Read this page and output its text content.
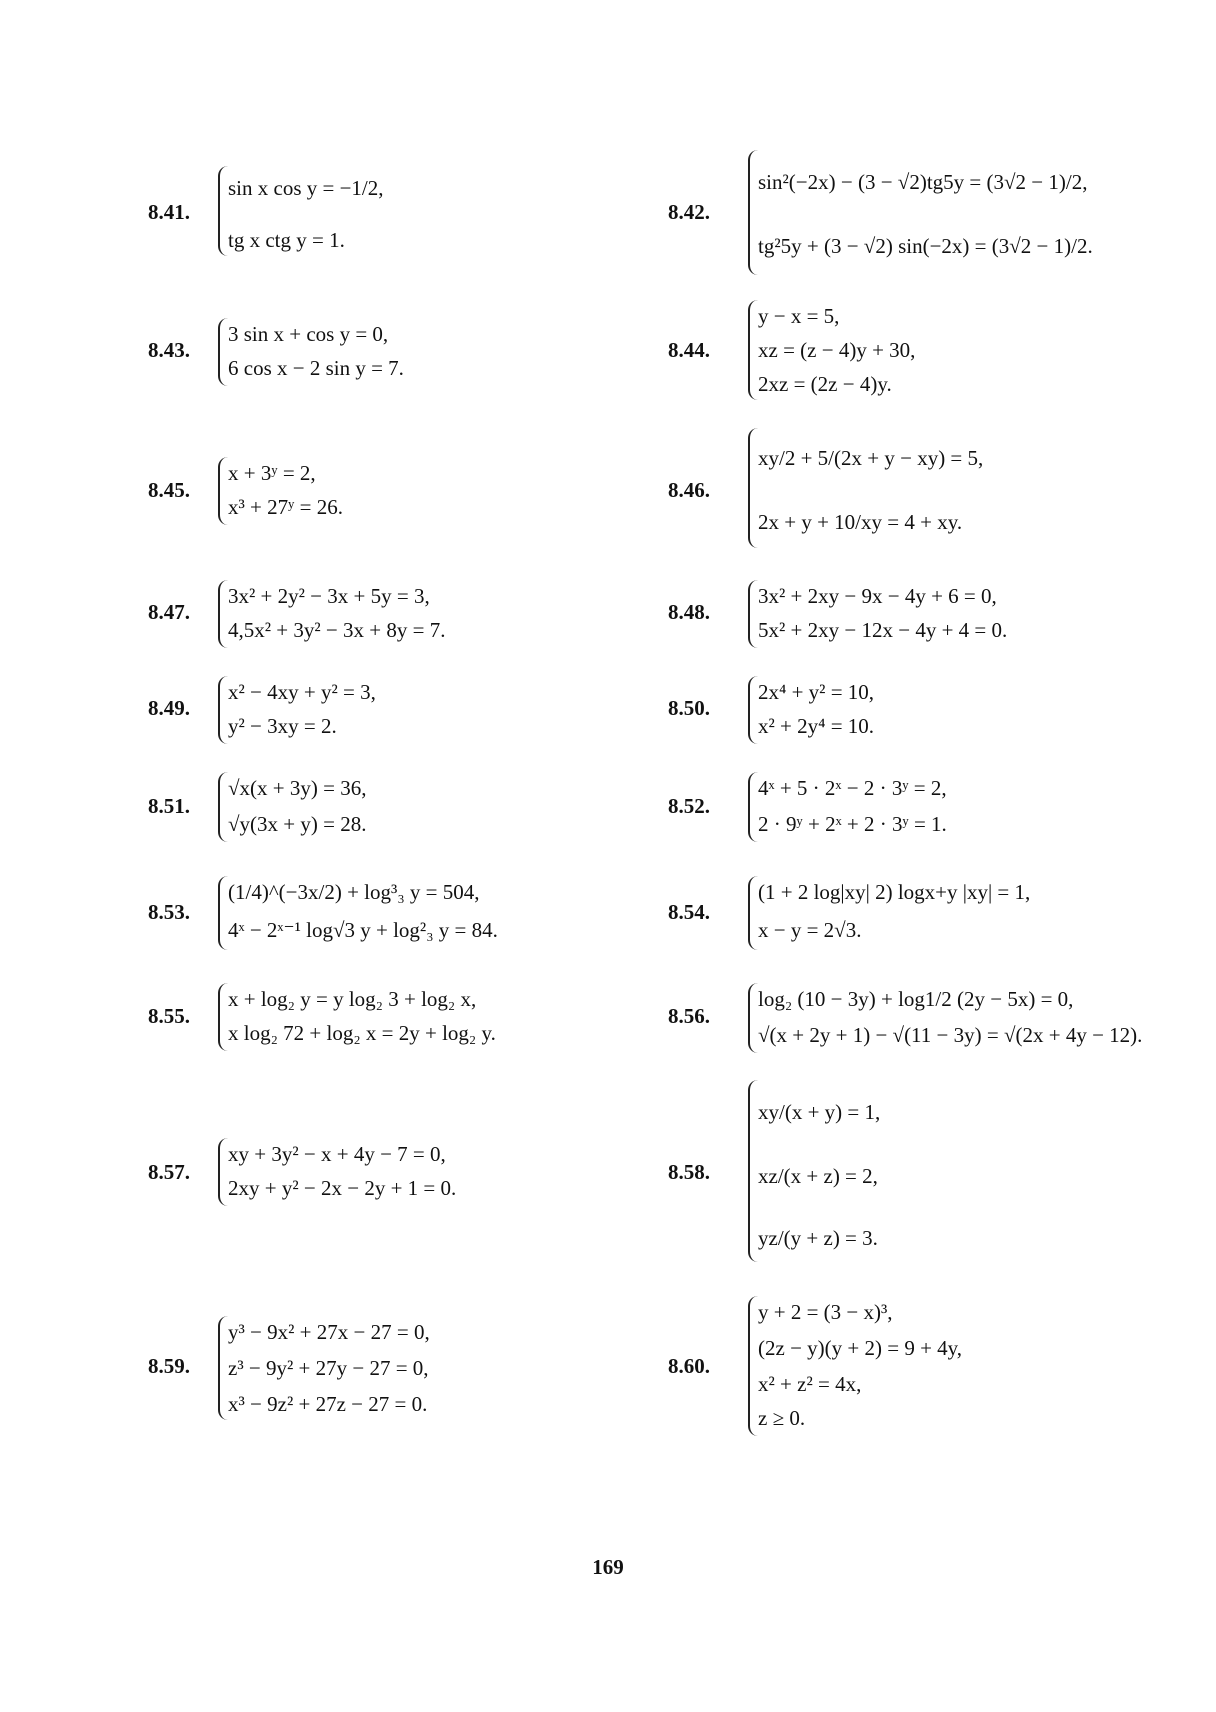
8.41.
sin x cos y = −1/2,
tg x ctg y = 1.
8.43.
3 sin x + cos y = 0,
6 cos x − 2 sin y = 7.
8.45.
x + 3ʸ = 2,
x³ + 27ʸ = 26.
8.47.
3x² + 2y² − 3x + 5y = 3,
4,5x² + 3y² − 3x + 8y = 7.
8.49.
x² − 4xy + y² = 3,
y² − 3xy = 2.
8.51.
√x(x + 3y) = 36,
√y(3x + y) = 28.
8.53.
(1/4)^(−3x/2) + log³₃ y = 504,
4ˣ − 2ˣ⁻¹ log√3 y + log²₃ y = 84.
8.55.
x + log₂ y = y log₂ 3 + log₂ x,
x log₂ 72 + log₂ x = 2y + log₂ y.
8.57.
xy + 3y² − x + 4y − 7 = 0,
2xy + y² − 2x − 2y + 1 = 0.
8.59.
y³ − 9x² + 27x − 27 = 0,
z³ − 9y² + 27y − 27 = 0,
x³ − 9z² + 27z − 27 = 0.
8.42.
sin²(−2x) − (3 − √2)tg5y = (3√2 − 1)/2,
tg²5y + (3 − √2) sin(−2x) = (3√2 − 1)/2.
8.44.
y − x = 5,
xz = (z − 4)y + 30,
2xz = (2z − 4)y.
8.46.
xy/2 + 5/(2x + y − xy) = 5,
2x + y + 10/xy = 4 + xy.
8.48.
3x² + 2xy − 9x − 4y + 6 = 0,
5x² + 2xy − 12x − 4y + 4 = 0.
8.50.
2x⁴ + y² = 10,
x² + 2y⁴ = 10.
8.52.
4ˣ + 5 · 2ˣ − 2 · 3ʸ = 2,
2 · 9ʸ + 2ˣ + 2 · 3ʸ = 1.
8.54.
(1 + 2 log|xy| 2) logx+y |xy| = 1,
x − y = 2√3.
8.56.
log₂ (10 − 3y) + log1/2 (2y − 5x) = 0,
√(x + 2y + 1) − √(11 − 3y) = √(2x + 4y − 12).
8.58.
xy/(x + y) = 1,
xz/(x + z) = 2,
yz/(y + z) = 3.
8.60.
y + 2 = (3 − x)³,
(2z − y)(y + 2) = 9 + 4y,
x² + z² = 4x,
z ≥ 0.
169
